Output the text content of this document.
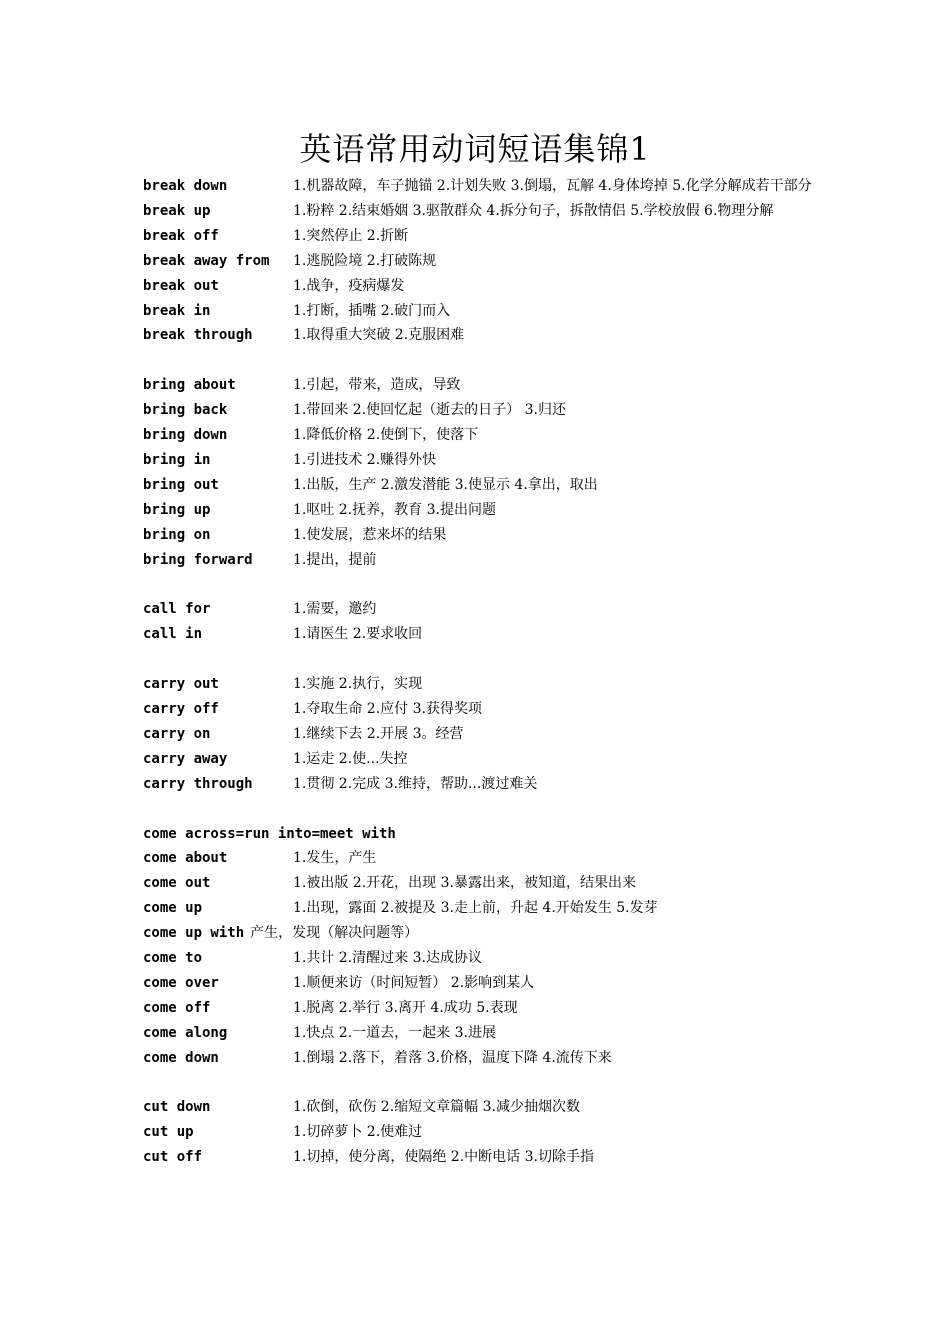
英语常用动词短语集锦1
break down	1.机器故障，车子抛锚 2.计划失败 3.倒塌，瓦解 4.身体垮掉 5.化学分解成若干部分
break up	1.粉粹 2.结束婚姻 3.驱散群众 4.拆分句子，拆散情侣 5.学校放假 6.物理分解
break off	1.突然停止 2.折断
break away from 1.逃脱险境 2.打破陈规
break out	1.战争，疫病爆发
break in	1.打断，插嘴 2.破门而入
break through	1.取得重大突破 2.克服困难
bring about	1.引起，带来，造成，导致
bring back	1.带回来 2.使回忆起（逝去的日子） 3.归还
bring down	1.降低价格 2.使倒下，使落下
bring in	1.引进技术 2.赚得外快
bring out	1.出版，生产 2.激发潜能 3.使显示 4.拿出，取出
bring up	1.呕吐 2.抚养，教育 3.提出问题
bring on	1.使发展，惹来坏的结果
bring forward	1.提出，提前
call for	1.需要，邀约
call in	1.请医生 2.要求收回
carry out	1.实施 2.执行，实现
carry off	1.夺取生命 2.应付 3.获得奖项
carry on	1.继续下去 2.开展 3。经营
carry away	1.运走 2.使...失控
carry through	1.贯彻 2.完成 3.维持，帮助...渡过难关
come across=run into=meet with
come about	1.发生，产生
come out	1.被出版 2.开花，出现 3.暴露出来，被知道，结果出来
come up	1.出现，露面 2.被提及 3.走上前，升起 4.开始发生 5.发芽
come up with 产生，发现（解决问题等）
come to	1.共计 2.清醒过来 3.达成协议
come over	1.顺便来访（时间短暂） 2.影响到某人
come off	1.脱离 2.举行 3.离开 4.成功 5.表现
come along	1.快点 2.一道去，一起来 3.进展
come down	1.倒塌 2.落下，着落 3.价格，温度下降 4.流传下来
cut down	1.砍倒，砍伤 2.缩短文章篇幅 3.减少抽烟次数
cut up	1.切碎萝卜 2.使难过
cut off	1.切掉，使分离，使隔绝 2.中断电话 3.切除手指
